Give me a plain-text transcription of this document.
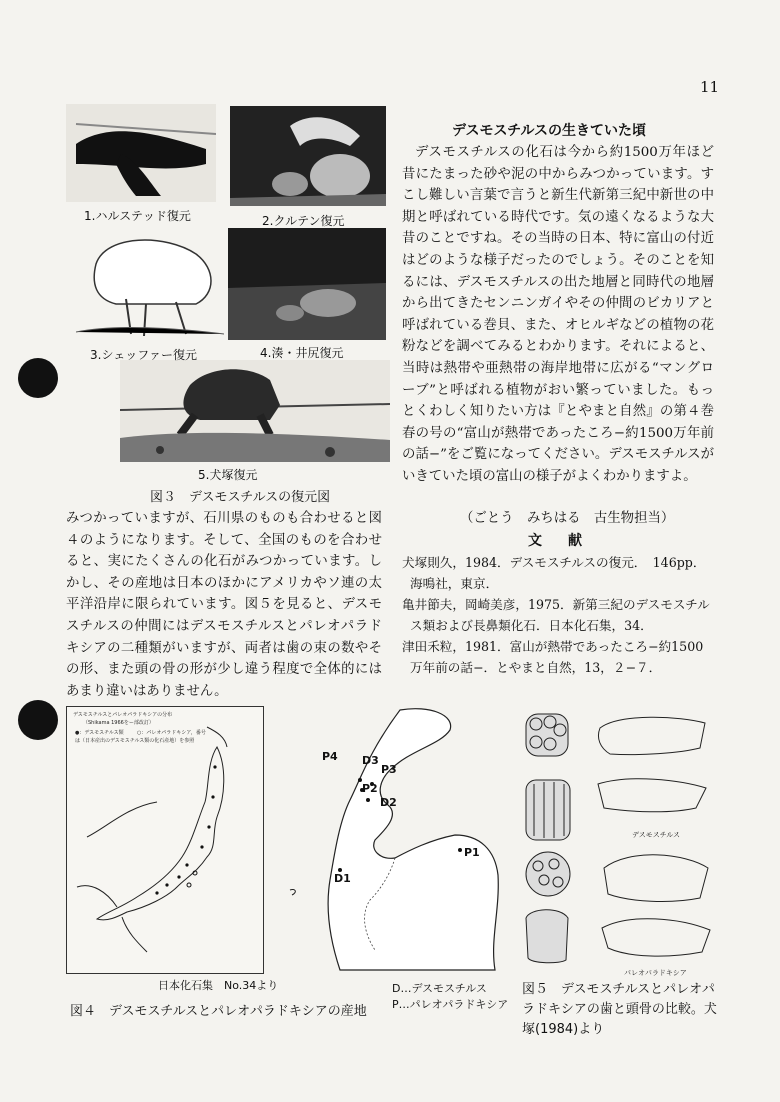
11
1.ハルステッド復元	2.クルテン復元
3.シェッファー復元	4.湊・井尻復元
5.犬塚復元
図３　デスモスチルスの復元図
デスモスチルスの生きていた頃
デスモスチルスの化石は今から約1500万年ほど昔にたまった砂や泥の中からみつかっています。すこし難しい言葉で言うと新生代新第三紀中新世の中期と呼ばれている時代です。気の遠くなるような大昔のことですね。その当時の日本、特に富山の付近はどのような様子だったのでしょう。そのことを知るには、デスモスチルスの出た地層と同時代の地層から出てきたセンニンガイやその仲間のビカリアと呼ばれている巻貝、また、オヒルギなどの植物の花粉などを調べてみるとわかります。それによると、当時は熱帯や亜熱帯の海岸地帯に広がる“マングローブ”と呼ばれる植物がおい繁っていました。もっとくわしく知りたい方は『とやまと自然』の第４巻春の号の“富山が熱帯であったころ−約1500万年前の話−”をご覧になってください。デスモスチルスがいきていた頃の富山の様子がよくわかりますよ。
（ごとう　みちはる　古生物担当）
みつかっていますが、石川県のものも合わせると図４のようになります。そして、全国のものを合わせると、実にたくさんの化石がみつかっています。しかし、その産地は日本のほかにアメリカやソ連の太平洋沿岸に限られています。図５を見ると、デスモスチルスの仲間にはデスモスチルスとパレオパラドキシアの二種類がいますが、両者は歯の束の数やその形、また頭の骨の形が少し違う程度で全体的にはあまり違いはありません。
文　献
犬塚則久，1984．デスモスチルスの復元．　146pp．　海鳴社，東京．
亀井節夫，岡崎美彦，1975．新第三紀のデスモスチルス類および長鼻類化石．日本化石集，34．
津田禾粒，1981．富山が熱帯であったころ−約1500万年前の話−．とやまと自然，13，２−７．
デスモスチルスとパレオパラドキシアの分布
（Shikama 1966をー部改訂）
●：デスモスチルス類	○：パレオパラドキシア，番号
は（日本産出のデスモスチルス類の化石産地）を参照
日本化石集　No.34より
P4 D3
P3
P2
D2
P1
D1
D…デスモスチルス
P…パレオパラドキシア
図４　デスモスチルスとパレオパラドキシアの産地
デスモスチルス
パレオパラドキシア
図５　デスモスチルスとパレオパラドキシアの歯と頭骨の比較。犬塚(1984)より
